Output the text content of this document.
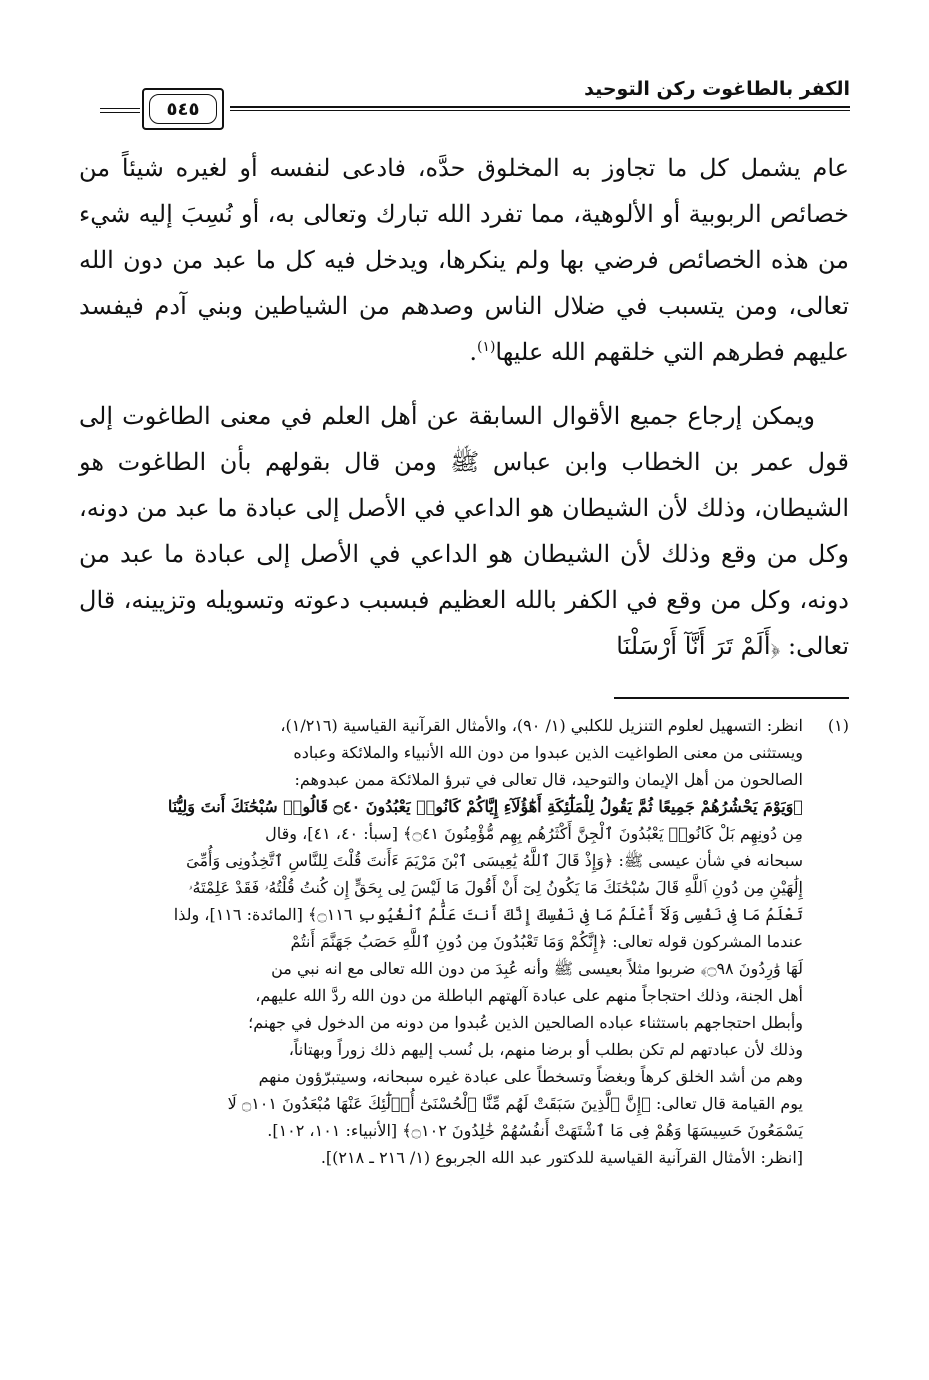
الكفر بالطاغوت ركن التوحيد
٥٤٥

عام يشمل كل ما تجاوز به المخلوق حدَّه، فادعى لنفسه أو لغيره شيئاً من خصائص الربوبية أو الألوهية، مما تفرد الله تبارك وتعالى به، أو نُسِبَ إليه شيء من هذه الخصائص فرضي بها ولم ينكرها، ويدخل فيه كل ما عبد من دون الله تعالى، ومن يتسبب في ضلال الناس وصدهم من الشياطين وبني آدم فيفسد عليهم فطرهم التي خلقهم الله عليها$^{(١)}$.

ويمكن إرجاع جميع الأقوال السابقة عن أهل العلم في معنى الطاغوت إلى قول عمر بن الخطاب وابن عباس ﷺ ومن قال بقولهم بأن الطاغوت هو الشيطان، وذلك لأن الشيطان هو الداعي في الأصل إلى عبادة ما عبد من دونه، وكل من وقع وذلك لأن الشيطان هو الداعي في الأصل إلى عبادة ما عبد من دونه، وكل من وقع في الكفر بالله العظيم فبسبب دعوته وتسويله وتزيينه، قال تعالى: ﴿أَلَمْ تَرَ أَنَّآ أَرْسَلْنَا

(١)
انظر: التسهيل لعلوم التنزيل للكلبي (١/ ٩٠)، والأمثال القرآنية القياسية (١/٢١٦)،
ويستثنى من معنى الطواغيت الذين عبدوا من دون الله الأنبياء والملائكة وعباده
الصالحون من أهل الإيمان والتوحيد، قال تعالى في تبرؤ الملائكة ممن عبدوهم:
﴿وَيَوْمَ يَحْشُرُهُمْ جَمِيعًا ثُمَّ يَقُولُ لِلْمَلَٰٓئِكَةِ أَهَٰٓؤُلَآءِ إِيَّاكُمْ كَانُوا۟ يَعْبُدُونَ ۝٤٠ قَالُوا۟ سُبْحَٰنَكَ أَنتَ وَلِيُّنَا
مِن دُونِهِم بَلْ كَانُوا۟ يَعْبُدُونَ ٱلْجِنَّ أَكْثَرُهُم بِهِم مُّؤْمِنُونَ ۝٤١﴾ [سبأ: ٤٠، ٤١]، وقال
سبحانه في شأن عيسى ﷺ: ﴿وَإِذْ قَالَ ٱللَّهُ يَٰعِيسَى ٱبْنَ مَرْيَمَ ءَأَنتَ قُلْتَ لِلنَّاسِ ٱتَّخِذُونِى وَأُمِّىَ
إِلَٰهَيْنِ مِن دُونِ ٱللَّهِ قَالَ سُبْحَٰنَكَ مَا يَكُونُ لِىٓ أَنْ أَقُولَ مَا لَيْسَ لِى بِحَقٍّ إِن كُنتُ قُلْتُهُۥ فَقَدْ عَلِمْتَهُۥ
تَعْلَمُ مَا فِى نَفْسِى وَلَآ أَعْلَمُ مَا فِى نَفْسِكَ إِنَّكَ أَنتَ عَلَّٰمُ ٱلْغُيُوبِ ۝١١٦﴾ [المائدة: ١١٦]، ولذا
عندما المشركون قوله تعالى: ﴿إِنَّكُمْ وَمَا تَعْبُدُونَ مِن دُونِ ٱللَّهِ حَصَبُ جَهَنَّمَ أَنتُمْ
لَهَا وَٰرِدُونَ ۝٩٨﴾ ضربوا مثلاً بعيسى ﷺ وأنه عُبِدَ من دون الله تعالى مع انه نبي من
أهل الجنة، وذلك احتجاجاً منهم على عبادة آلهتهم الباطلة من دون الله ردَّ الله عليهم،
وأبطل احتجاجهم باستثناء عباده الصالحين الذين عُبدوا من دونه من الدخول في جهنم؛
وذلك لأن عبادتهم لم تكن بطلب أو برضا منهم، بل نُسب إليهم ذلك زوراً وبهتاناً،
وهم من أشد الخلق كرهاً وبغضاً وتسخطاً على عبادة غيره سبحانه، وسيتبرّؤون منهم
يوم القيامة قال تعالى: ﴿إِنَّ ٱلَّذِينَ سَبَقَتْ لَهُم مِّنَّا ٱلْحُسْنَىٰٓ أُو۟لَٰٓئِكَ عَنْهَا مُبْعَدُونَ ۝١٠١ لَا
يَسْمَعُونَ حَسِيسَهَا وَهُمْ فِى مَا ٱشْتَهَتْ أَنفُسُهُمْ خَٰلِدُونَ ۝١٠٢﴾ [الأنبياء: ١٠١، ١٠٢].
[انظر: الأمثال القرآنية القياسية للدكتور عبد الله الجربوع (١/ ٢١٦ ـ ٢١٨)].
